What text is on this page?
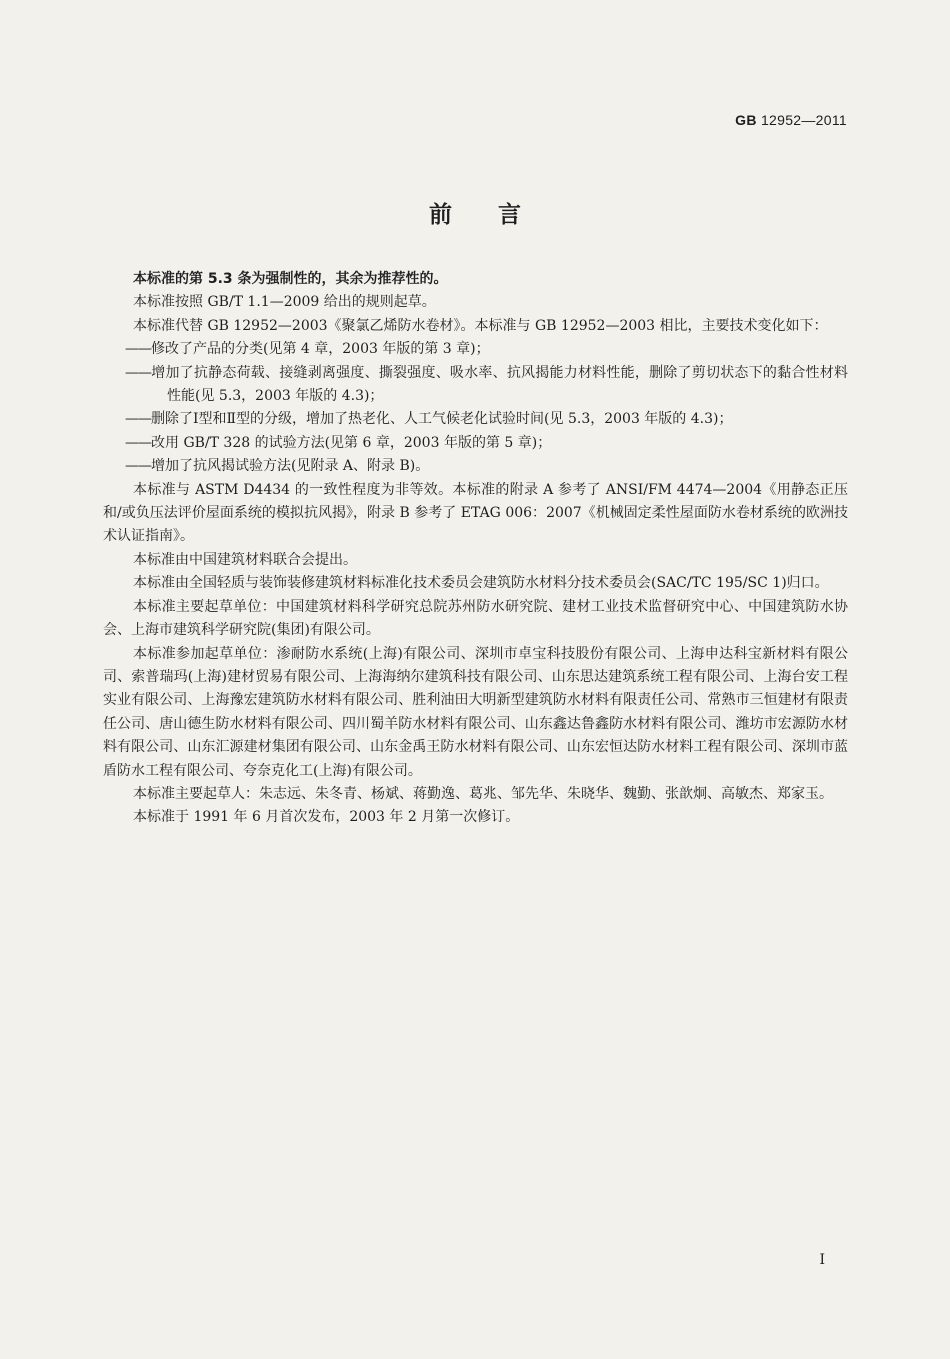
GB 12952—2011
前言

本标准的第 5.3 条为强制性的，其余为推荐性的。

本标准按照 GB/T 1.1—2009 给出的规则起草。

本标准代替 GB 12952—2003《聚氯乙烯防水卷材》。本标准与 GB 12952—2003 相比，主要技术变化如下：

——修改了产品的分类(见第 4 章，2003 年版的第 3 章)；
——增加了抗静态荷载、接缝剥离强度、撕裂强度、吸水率、抗风揭能力材料性能，删除了剪切状态下的黏合性材料性能(见 5.3，2003 年版的 4.3)；
——删除了Ⅰ型和Ⅱ型的分级，增加了热老化、人工气候老化试验时间(见 5.3，2003 年版的 4.3)；
——改用 GB/T 328 的试验方法(见第 6 章，2003 年版的第 5 章)；
——增加了抗风揭试验方法(见附录 A、附录 B)。

本标准与 ASTM D4434 的一致性程度为非等效。本标准的附录 A 参考了 ANSI/FM 4474—2004《用静态正压和/或负压法评价屋面系统的模拟抗风揭》，附录 B 参考了 ETAG 006：2007《机械固定柔性屋面防水卷材系统的欧洲技术认证指南》。

本标准由中国建筑材料联合会提出。

本标准由全国轻质与装饰装修建筑材料标准化技术委员会建筑防水材料分技术委员会(SAC/TC 195/SC 1)归口。

本标准主要起草单位：中国建筑材料科学研究总院苏州防水研究院、建材工业技术监督研究中心、中国建筑防水协会、上海市建筑科学研究院(集团)有限公司。

本标准参加起草单位：渗耐防水系统(上海)有限公司、深圳市卓宝科技股份有限公司、上海申达科宝新材料有限公司、索普瑞玛(上海)建材贸易有限公司、上海海纳尔建筑科技有限公司、山东思达建筑系统工程有限公司、上海台安工程实业有限公司、上海豫宏建筑防水材料有限公司、胜利油田大明新型建筑防水材料有限责任公司、常熟市三恒建材有限责任公司、唐山德生防水材料有限公司、四川蜀羊防水材料有限公司、山东鑫达鲁鑫防水材料有限公司、潍坊市宏源防水材料有限公司、山东汇源建材集团有限公司、山东金禹王防水材料有限公司、山东宏恒达防水材料工程有限公司、深圳市蓝盾防水工程有限公司、夸奈克化工(上海)有限公司。

本标准主要起草人：朱志远、朱冬青、杨斌、蒋勤逸、葛兆、邹先华、朱晓华、魏勤、张歆炯、高敏杰、郑家玉。

本标准于 1991 年 6 月首次发布，2003 年 2 月第一次修订。

I
